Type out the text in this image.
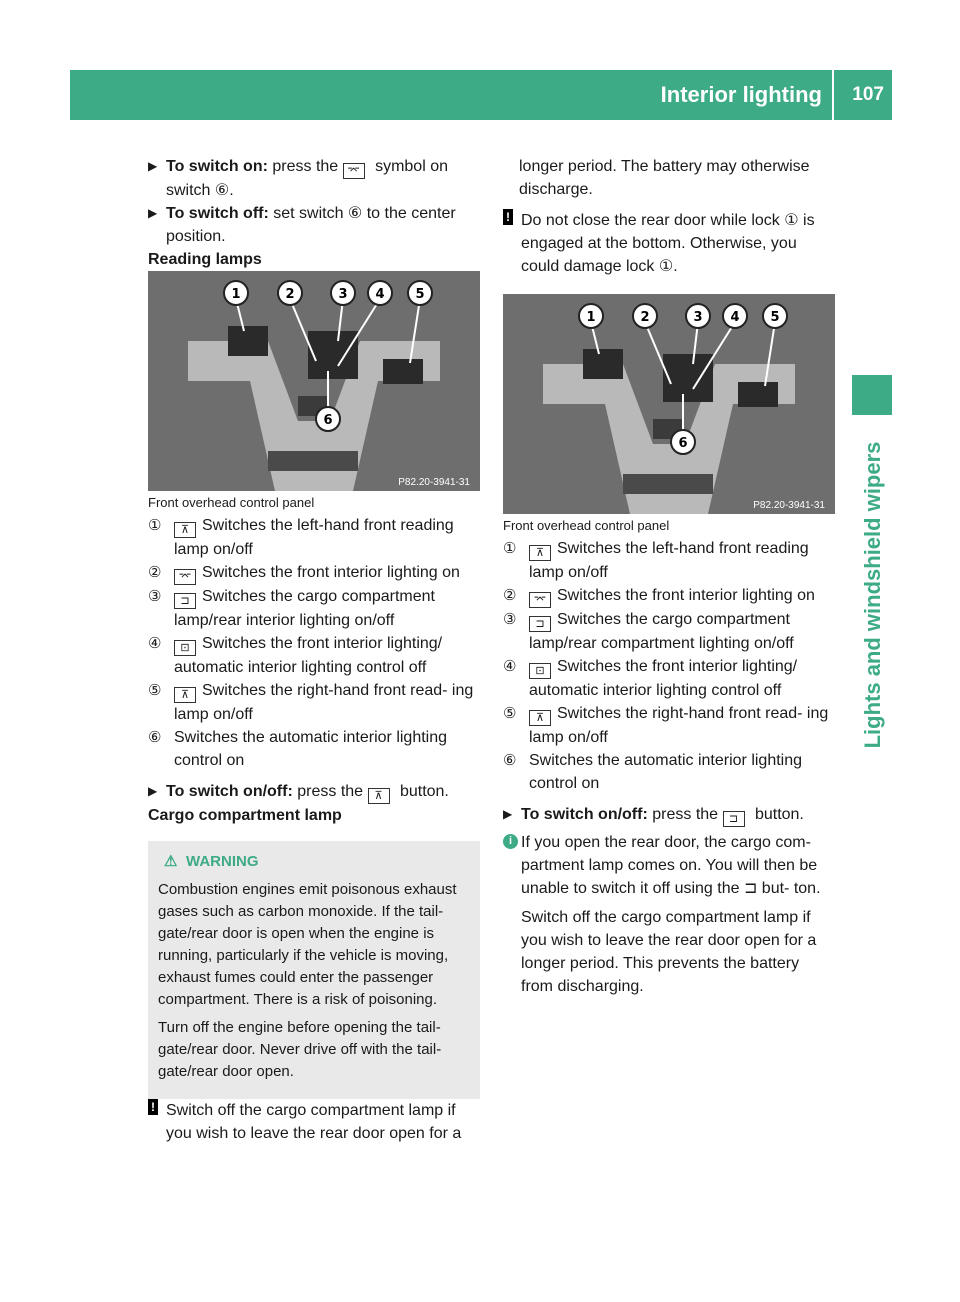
Interior lighting 107
Lights and windshield wipers

▶ To switch on: press the ⌤ symbol on switch ⑥.

▶ To switch off: set switch ⑥ to the center position.

Reading lamps

1	2	3 4 5
6
P82.20-3941-31

Front overhead control panel

① ⊼ Switches the left-hand front reading lamp on/off

② ⌤ Switches the front interior lighting on

③ ⊐ Switches the cargo compartment lamp/rear interior lighting on/off

④ ⊡ Switches the front interior lighting/ automatic interior lighting control off

⑤ ⊼ Switches the right-hand front read- ing lamp on/off

⑥ Switches the automatic interior lighting control on

▶ To switch on/off: press the ⊼ button.

Cargo compartment lamp

⚠ WARNING

Combustion engines emit poisonous exhaust gases such as carbon monoxide. If the tail- gate/rear door is open when the engine is running, particularly if the vehicle is moving, exhaust fumes could enter the passenger compartment. There is a risk of poisoning.

Turn off the engine before opening the tail- gate/rear door. Never drive off with the tail- gate/rear door open.

! Switch off the cargo compartment lamp if you wish to leave the rear door open for a

longer period. The battery may otherwise discharge.

! Do not close the rear door while lock ① is engaged at the bottom. Otherwise, you could damage lock ①.

1	2	3 4 5
6
P82.20-3941-31

Front overhead control panel

① ⊼ Switches the left-hand front reading lamp on/off

② ⌤ Switches the front interior lighting on

③ ⊐ Switches the cargo compartment lamp/rear compartment lighting on/off

④ ⊡ Switches the front interior lighting/ automatic interior lighting control off

⑤ ⊼ Switches the right-hand front read- ing lamp on/off

⑥ Switches the automatic interior lighting control on

▶ To switch on/off: press the ⊐ button.

i If you open the rear door, the cargo com- partment lamp comes on. You will then be unable to switch it off using the ⊐ but- ton.

Switch off the cargo compartment lamp if you wish to leave the rear door open for a longer period. This prevents the battery from discharging.
